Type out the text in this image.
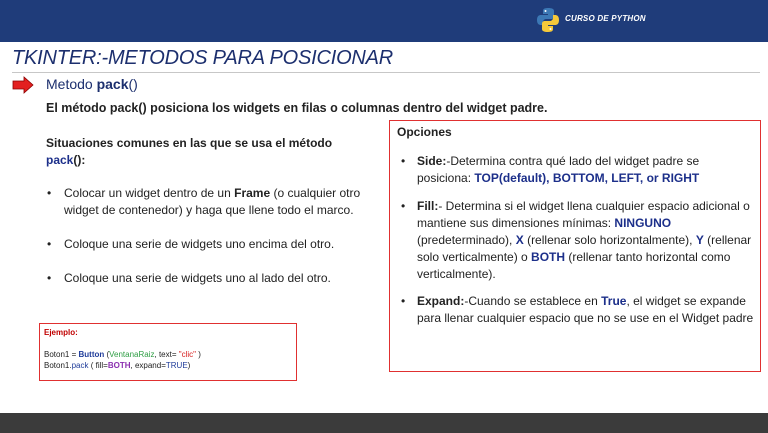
CURSO DE PYTHON
TKINTER:-METODOS PARA POSICIONAR
Metodo pack()
El método pack() posiciona los widgets en filas o columnas dentro del widget padre.
Situaciones comunes en las que se usa el método pack():
• Colocar un widget dentro de un Frame (o cualquier otro widget de contenedor) y haga que llene todo el marco.
• Coloque una serie de widgets uno encima del otro.
• Coloque una serie de widgets uno al lado del otro.
Ejemplo:
Boton1 = Button (VentanaRaiz, text= "clic" )
Boton1.pack ( fill=BOTH, expand=TRUE)
Opciones
• Side:-Determina contra qué lado del widget padre se posiciona: TOP(default), BOTTOM, LEFT, or RIGHT
• Fill:- Determina si el widget llena cualquier espacio adicional o mantiene sus dimensiones mínimas: NINGUNO (predeterminado), X (rellenar solo horizontalmente), Y (rellenar solo verticalmente) o BOTH (rellenar tanto horizontal como verticalmente).
• Expand:-Cuando se establece en True, el widget se expande para llenar cualquier espacio que no se use en el Widget padre
